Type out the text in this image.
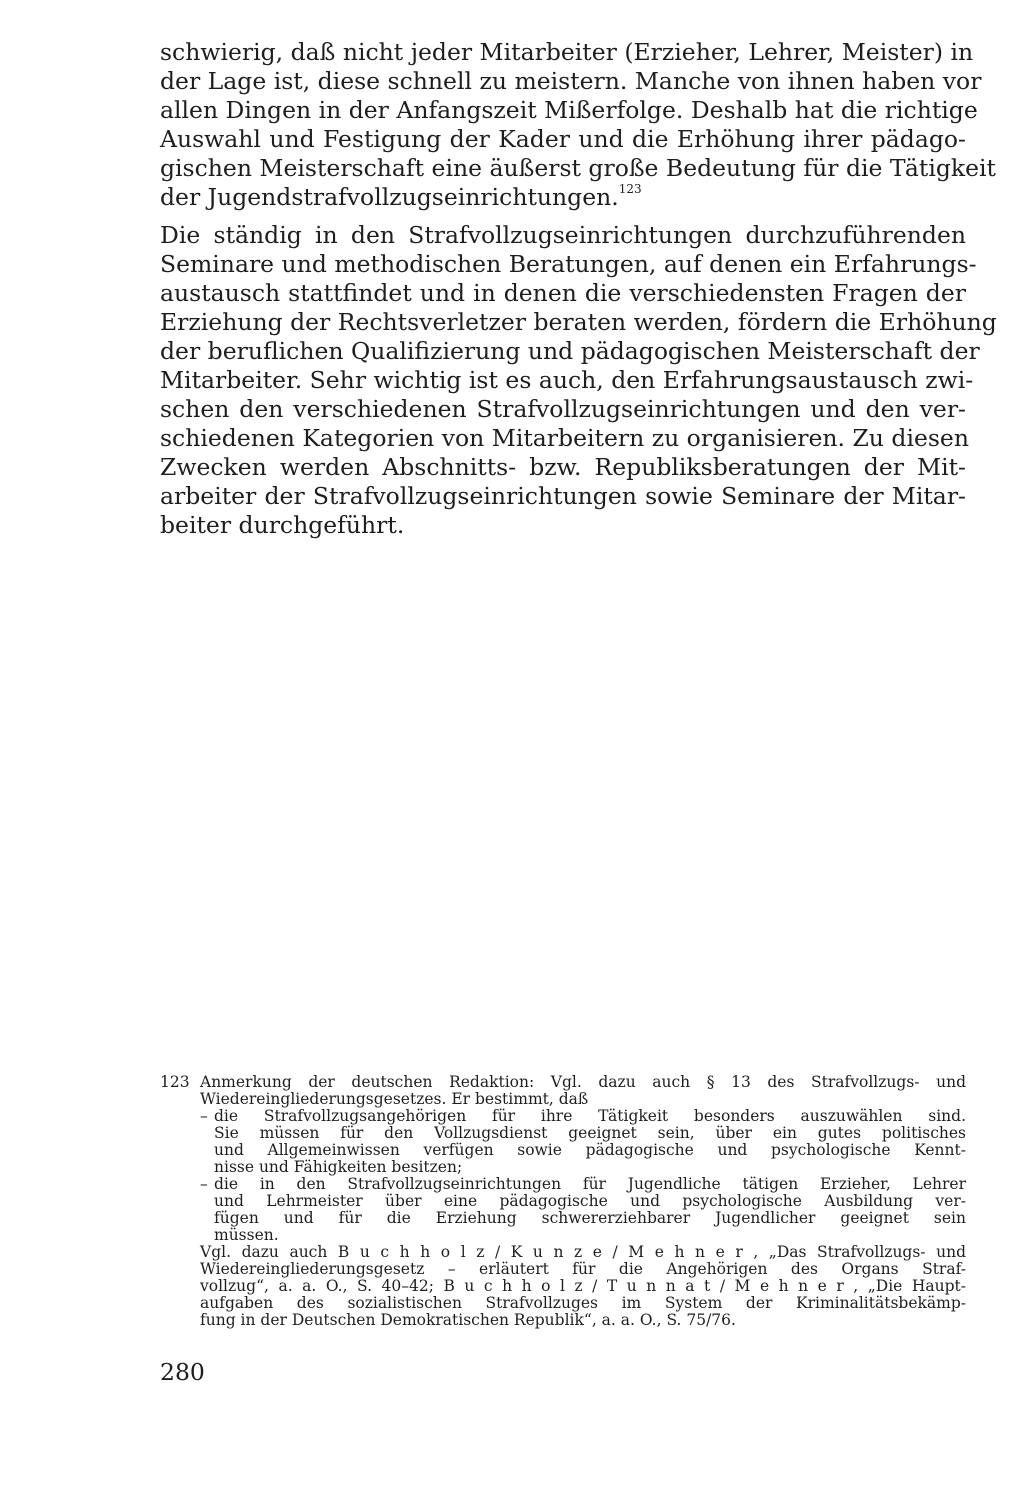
schwierig, daß nicht jeder Mitarbeiter (Erzieher, Lehrer, Meister) in
der Lage ist, diese schnell zu meistern. Manche von ihnen haben vor
allen Dingen in der Anfangszeit Mißerfolge. Deshalb hat die richtige
Auswahl und Festigung der Kader und die Erhöhung ihrer pädago-
gischen Meisterschaft eine äußerst große Bedeutung für die Tätigkeit
der Jugendstrafvollzugseinrichtungen.$^{123}$
Die ständig in den Strafvollzugseinrichtungen durchzuführenden
Seminare und methodischen Beratungen, auf denen ein Erfahrungs-
austausch stattfindet und in denen die verschiedensten Fragen der
Erziehung der Rechtsverletzer beraten werden, fördern die Erhöhung
der beruflichen Qualifizierung und pädagogischen Meisterschaft der
Mitarbeiter. Sehr wichtig ist es auch, den Erfahrungsaustausch zwi-
schen den verschiedenen Strafvollzugseinrichtungen und den ver-
schiedenen Kategorien von Mitarbeitern zu organisieren. Zu diesen
Zwecken werden Abschnitts- bzw. Republiksberatungen der Mit-
arbeiter der Strafvollzugseinrichtungen sowie Seminare der Mitar-
beiter durchgeführt.
123 Anmerkung der deutschen Redaktion: Vgl. dazu auch § 13 des Strafvollzugs- und
Wiedereingliederungsgesetzes. Er bestimmt, daß
– die Strafvollzugsangehörigen für ihre Tätigkeit besonders auszuwählen sind.
Sie müssen für den Vollzugsdienst geeignet sein, über ein gutes politisches
und Allgemeinwissen verfügen sowie pädagogische und psychologische Kennt-
nisse und Fähigkeiten besitzen;
– die in den Strafvollzugseinrichtungen für Jugendliche tätigen Erzieher, Lehrer
und Lehrmeister über eine pädagogische und psychologische Ausbildung ver-
fügen und für die Erziehung schwererziehbarer Jugendlicher geeignet sein
müssen.
Vgl. dazu auch B u c h h o l z / K u n z e / M e h n e r , „Das Strafvollzugs- und
Wiedereingliederungsgesetz – erläutert für die Angehörigen des Organs Straf-
vollzug“, a. a. O., S. 40–42; B u c h h o l z / T u n n a t / M e h n e r , „Die Haupt-
aufgaben des sozialistischen Strafvollzuges im System der Kriminalitätsbekämp-
fung in der Deutschen Demokratischen Republik“, a. a. O., S. 75/76.
280
